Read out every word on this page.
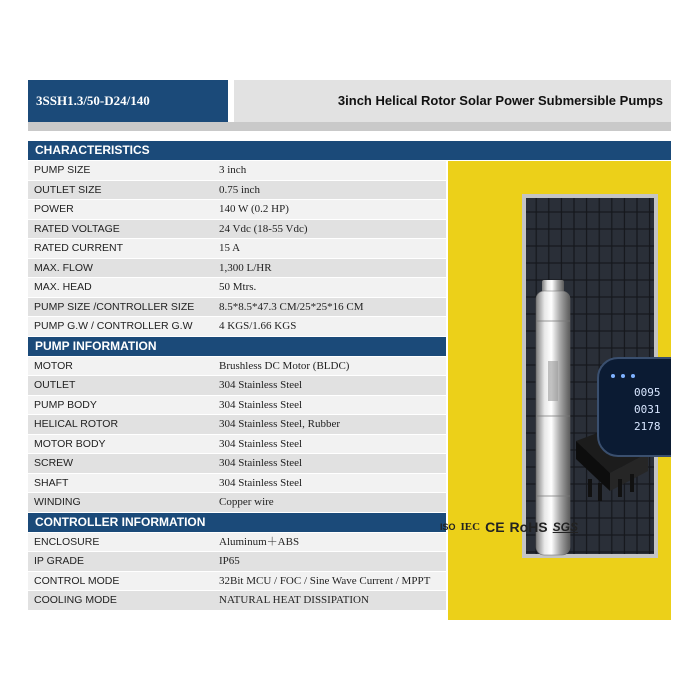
3SSH1.3/50-D24/140	3inch Helical Rotor Solar Power Submersible Pumps
CHARACTERISTICS
PUMP SIZE	3 inch
OUTLET SIZE	0.75 inch
POWER	140 W (0.2 HP)
RATED VOLTAGE	24 Vdc (18-55 Vdc)
RATED CURRENT	15 A
MAX. FLOW	1,300 L/HR
MAX. HEAD	50 Mtrs.
PUMP SIZE /CONTROLLER SIZE 8.5*8.5*47.3 CM/25*25*16 CM
PUMP G.W / CONTROLLER G.W 4 KGS/1.66 KGS
PUMP INFORMATION
MOTOR	Brushless DC Motor (BLDC)
OUTLET	304 Stainless Steel
PUMP BODY	304 Stainless Steel
HELICAL ROTOR	304 Stainless Steel, Rubber
MOTOR BODY	304 Stainless Steel
SCREW	304 Stainless Steel
SHAFT	304 Stainless Steel
WINDING	Copper wire
CONTROLLER INFORMATION
ENCLOSURE	Aluminum＋ABS
IP GRADE	IP65
CONTROL MODE	32Bit MCU / FOC / Sine Wave Current / MPPT
COOLING MODE	NATURAL HEAT DISSIPATION
0095
0031
2178
ISO IEC CE RoHS SGS
